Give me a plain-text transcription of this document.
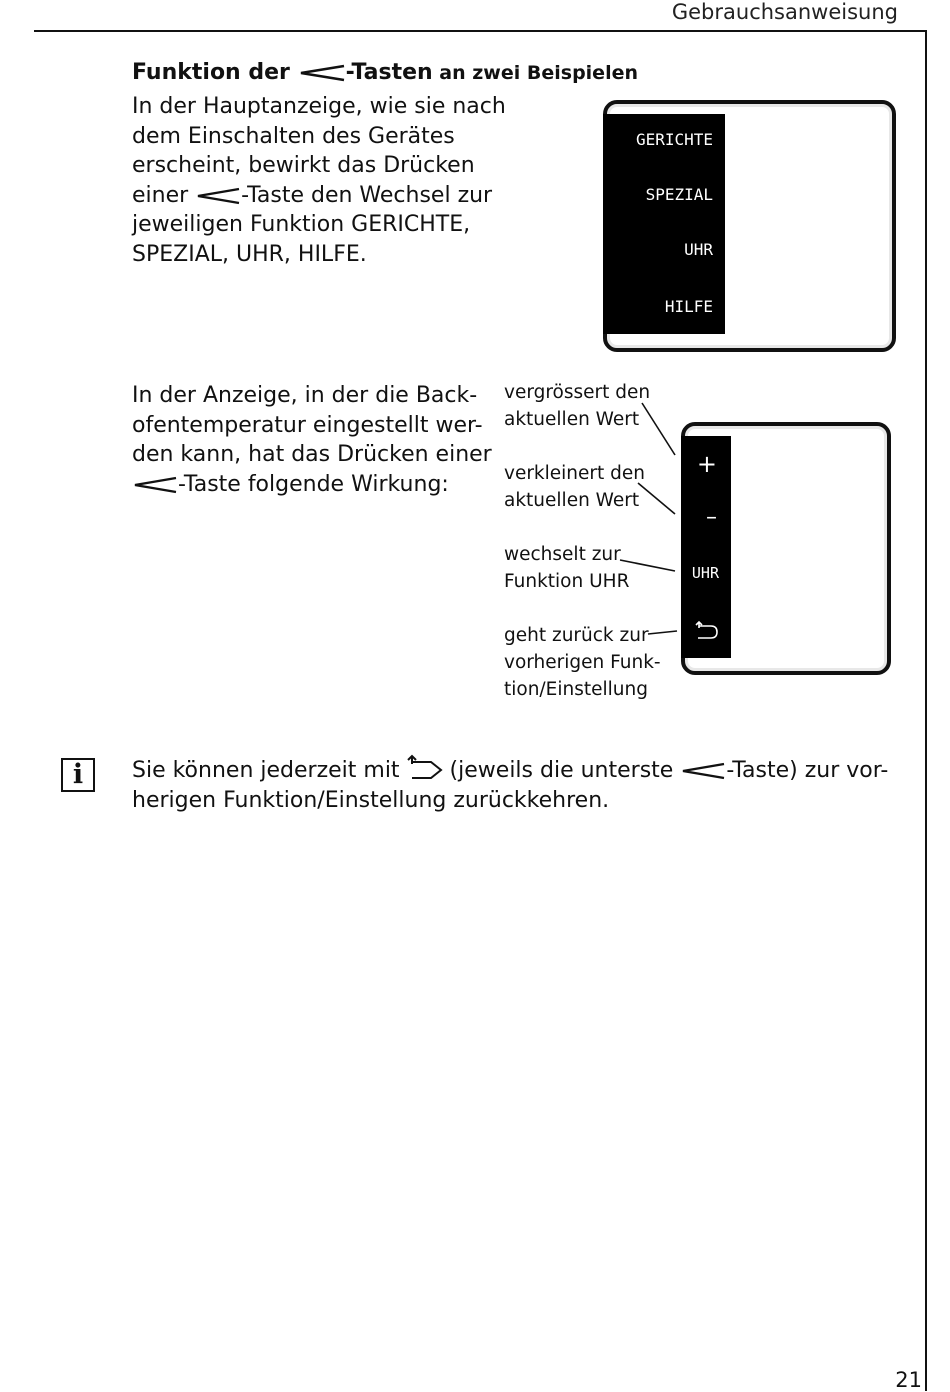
Gebrauchsanweisung
Funktion der -Tasten an zwei Beispielen
In der Hauptanzeige, wie sie nach
dem Einschalten des Gerätes
erscheint, bewirkt das Drücken
einer -Taste den Wechsel zur
jeweiligen Funktion GERICHTE,
SPEZIAL, UHR, HILFE.
GERICHTE
SPEZIAL
UHR
HILFE
In der Anzeige, in der die Back-
ofentemperatur eingestellt wer-
den kann, hat das Drücken einer
-Taste folgende Wirkung:
vergrössert den
aktuellen Wert
verkleinert den
aktuellen Wert
wechselt zur
Funktion UHR
geht zurück zur
vorherigen Funk-
tion/Einstellung
+
–
UHR
i	Sie können jederzeit mit  (jeweils die unterste -Taste) zur vor-
herigen Funktion/Einstellung zurückkehren.
21
